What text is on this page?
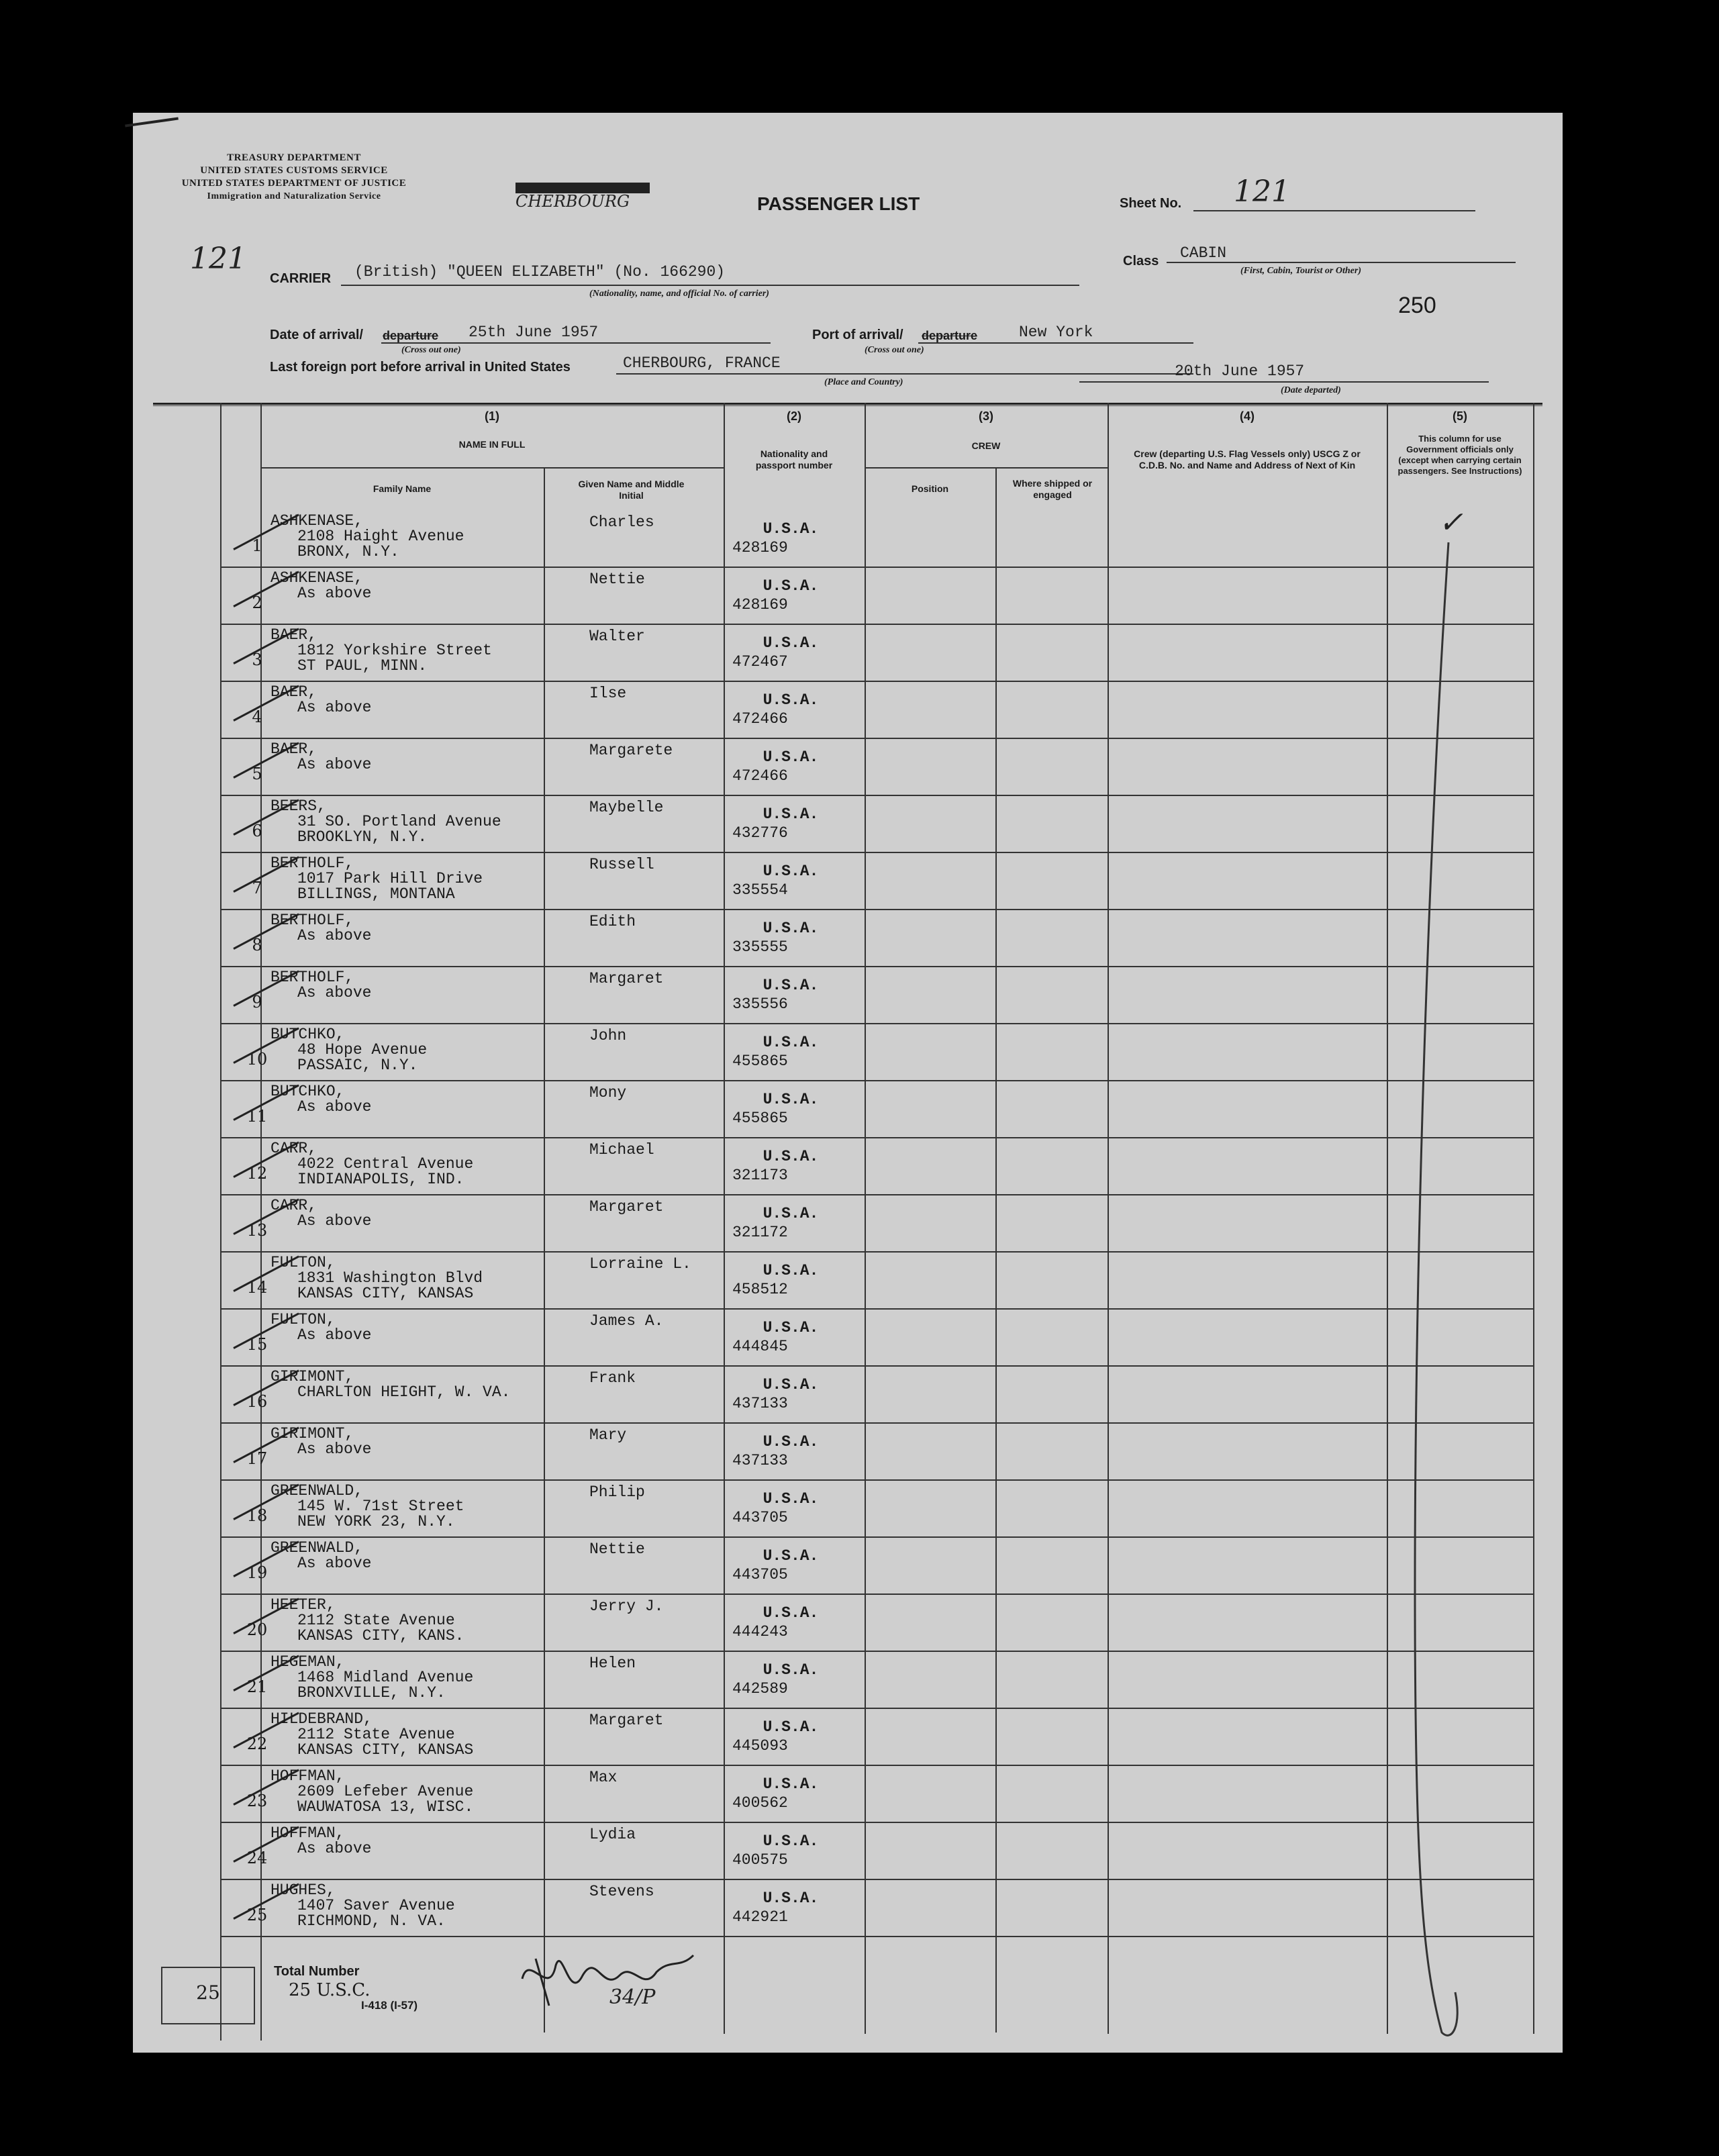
TREASURY DEPARTMENT
UNITED STATES CUSTOMS SERVICE
UNITED STATES DEPARTMENT OF JUSTICE
Immigration and Naturalization Service	CHERBOURG	PASSENGER LIST	Sheet No. 121
121	Class CABIN
(First, Cabin, Tourist or Other)
250
CARRIER (British) "QUEEN ELIZABETH" (No. 166290)
(Nationality, name, and official No. of carrier)
Date of arrival/ departure 25th June 1957
(Cross out one)
Port of arrival/ departure	New York
(Cross out one)
Last foreign port before arrival in United States	CHERBOURG, FRANCE
(Place and Country)
20th June 1957
(Date departed)
(1)
NAME IN FULL
Family Name	Given Name and Middle Initial
(2)
Nationality and passport number
(3)
CREW
Position	Where shipped or engaged
(4)
Crew (departing U.S. Flag Vessels only) USCG Z or C.D.B. No. and Name and Address of Next of Kin
(5)
This column for use Government officials only (except when carrying certain passengers. See Instructions)
1
ASHKENASE,
2108 Haight Avenue
BRONX, N.Y.
Charles	U.S.A.
428169
2
ASHKENASE,
As above
Nettie	U.S.A.
428169
3
BAER,
1812 Yorkshire Street
ST PAUL, MINN.
Walter	U.S.A.
472467
4
BAER,
As above
Ilse	U.S.A.
472466
5
BAER,
As above
Margarete	U.S.A.
472466
6
BEERS,
31 SO. Portland Avenue
BROOKLYN, N.Y.
Maybelle	U.S.A.
432776
7
BERTHOLF,
1017 Park Hill Drive
BILLINGS, MONTANA
Russell	U.S.A.
335554
8
BERTHOLF,
As above
Edith	U.S.A.
335555
9
BERTHOLF,
As above
Margaret	U.S.A.
335556
10
BUTCHKO,
48 Hope Avenue
PASSAIC, N.Y.
John	U.S.A.
455865
11
BUTCHKO,
As above
Mony	U.S.A.
455865
12
CARR,
4022 Central Avenue
INDIANAPOLIS, IND.
Michael	U.S.A.
321173
13
CARR,
As above
Margaret	U.S.A.
321172
14
FULTON,
1831 Washington Blvd
KANSAS CITY, KANSAS
Lorraine L.	U.S.A.
458512
15
FULTON,
As above
James A.	U.S.A.
444845
16
GIRIMONT,
CHARLTON HEIGHT, W. VA.
Frank	U.S.A.
437133
17
GIRIMONT,
As above
Mary	U.S.A.
437133
18
GREENWALD,
145 W. 71st Street
NEW YORK 23, N.Y.
Philip	U.S.A.
443705
19
GREENWALD,
As above
Nettie	U.S.A.
443705
20
HEETER,
2112 State Avenue
KANSAS CITY, KANS.
Jerry J.	U.S.A.
444243
21
HEGEMAN,
1468 Midland Avenue
BRONXVILLE, N.Y.
Helen	U.S.A.
442589
22
HILDEBRAND,
2112 State Avenue
KANSAS CITY, KANSAS
Margaret	U.S.A.
445093
23
HOFFMAN,
2609 Lefeber Avenue
WAUWATOSA 13, WISC.
Max	U.S.A.
400562
24
HOFFMAN,
As above
Lydia	U.S.A.
400575
25
HUGHES,
1407 Saver Avenue
RICHMOND, N. VA.
Stevens	U.S.A.
442921
✓
25
Total Number
25 U.S.C.
I-418 (I-57)	34/P
